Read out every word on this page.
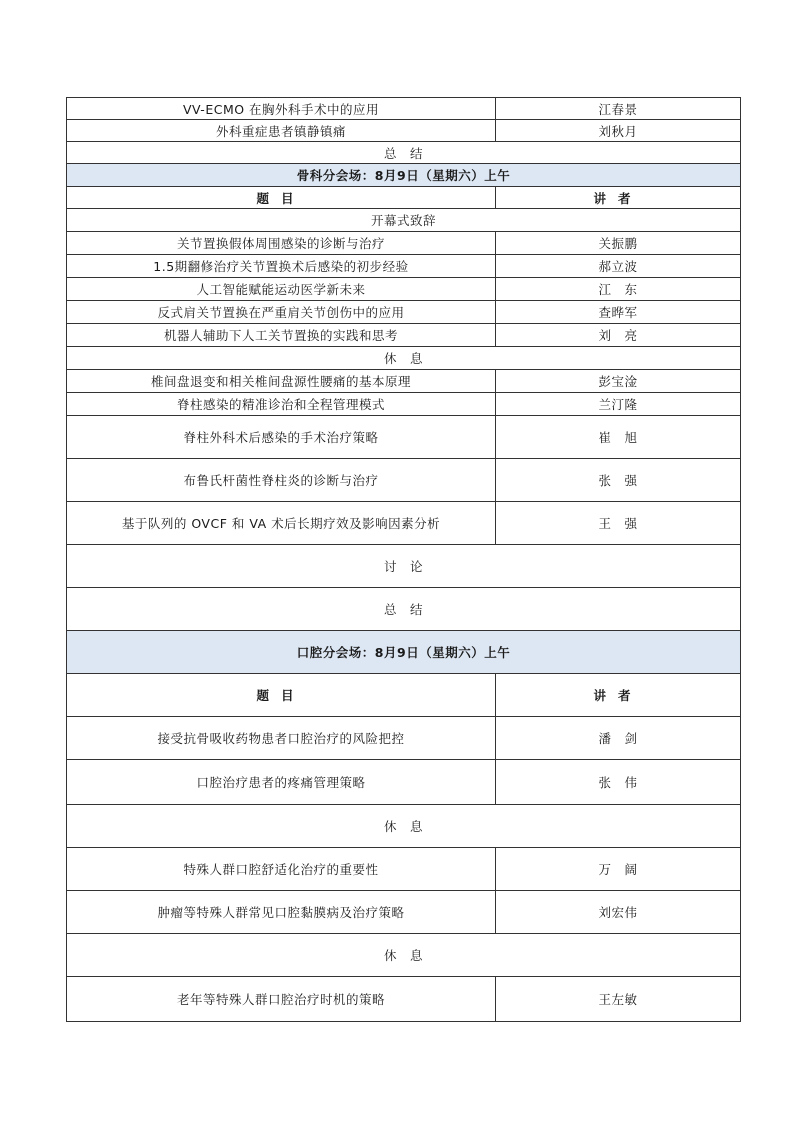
VV-ECMO 在胸外科手术中的应用	江春景
外科重症患者镇静镇痛	刘秋月
总　结	
骨科分会场：8月9日（星期六）上午	
题目	讲者
开幕式致辞	
关节置换假体周围感染的诊断与治疗	关振鹏
1.5期翻修治疗关节置换术后感染的初步经验	郝立波
人工智能赋能运动医学新未来	江　东
反式肩关节置换在严重肩关节创伤中的应用	查晔军
机器人辅助下人工关节置换的实践和思考	刘　亮
休　息	
椎间盘退变和相关椎间盘源性腰痛的基本原理	彭宝淦
脊柱感染的精准诊治和全程管理模式	兰汀隆
脊柱外科术后感染的手术治疗策略	崔　旭
布鲁氏杆菌性脊柱炎的诊断与治疗	张　强
基于队列的 OVCF 和 VA 术后长期疗效及影响因素分析	王　强
讨　论	
总　结	
口腔分会场：8月9日（星期六）上午	
题目	讲者
接受抗骨吸收药物患者口腔治疗的风险把控	潘　剑
口腔治疗患者的疼痛管理策略	张　伟
休　息	
特殊人群口腔舒适化治疗的重要性	万　阔
肿瘤等特殊人群常见口腔黏膜病及治疗策略	刘宏伟
休　息	
老年等特殊人群口腔治疗时机的策略	王左敏
